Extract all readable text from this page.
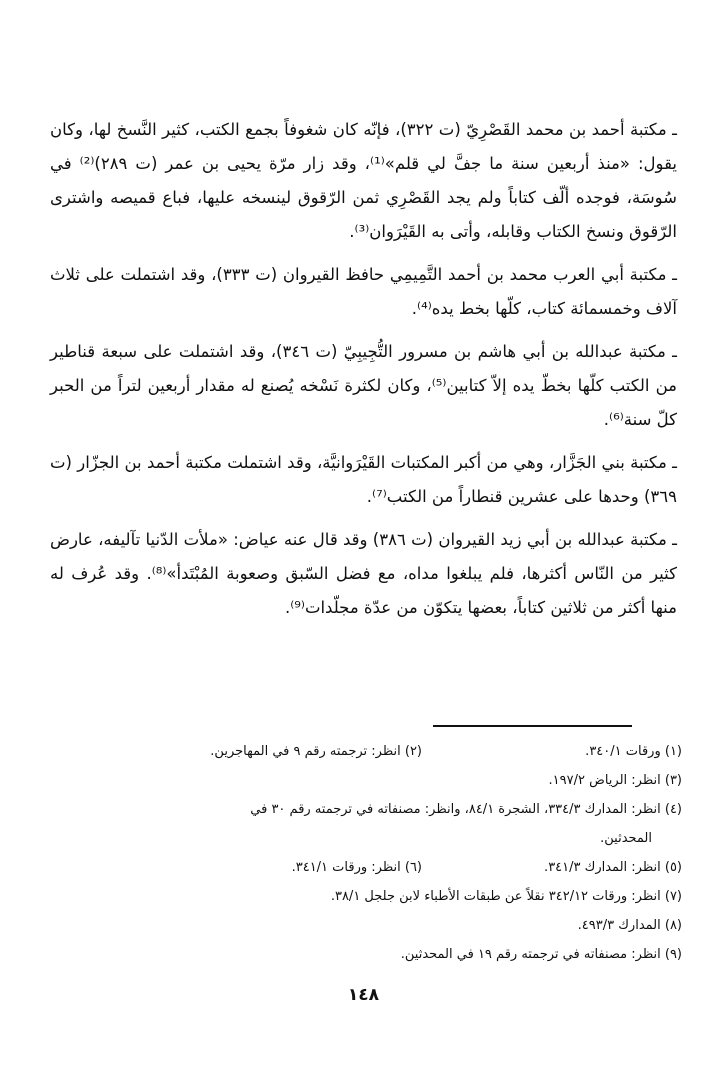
ـ مكتبة أحمد بن محمد القَصْرِيّ (ت ٣٢٢)، فإنّه كان شغوفاً بجمع الكتب، كثير النَّسخ لها، وكان يقول: «منذ أربعين سنة ما جفَّ لي قلم»⁽¹⁾، وقد زار مرّة يحيى بن عمر (ت ٢٨٩)⁽²⁾ في سُوسَة، فوجده ألّف كتاباً ولم يجد القَصْرِي ثمن الرّقوق لينسخه عليها، فباع قميصه واشترى الرّقوق ونسخ الكتاب وقابله، وأتى به القَيْرَوان⁽³⁾.

ـ مكتبة أبي العرب محمد بن أحمد التَّمِيمِي حافظ القيروان (ت ٣٣٣)، وقد اشتملت على ثلاث آلاف وخمسمائة كتاب، كلّها بخط يده⁽⁴⁾.

ـ مكتبة عبدالله بن أبي هاشم بن مسرور التُّجِيبِيّ (ت ٣٤٦)، وقد اشتملت على سبعة قناطير من الكتب كلّها بخطّ يده إلاّ كتابين⁽⁵⁾، وكان لكثرة نَسْخه يُصنع له مقدار أربعين لتراً من الحبر كلّ سنة⁽⁶⁾.

ـ مكتبة بني الجَزَّار، وهي من أكبر المكتبات القَيْرَوانيَّة، وقد اشتملت مكتبة أحمد بن الجزّار (ت ٣٦٩) وحدها على عشرين قنطاراً من الكتب⁽⁷⁾.

ـ مكتبة عبدالله بن أبي زيد القيروان (ت ٣٨٦) وقد قال عنه عياض: «ملأت الدّنيا تآليفه، عارض كثير من النّاس أكثرها، فلم يبلغوا مداه، مع فضل السّبق وصعوبة المُبْتَدأ»⁽⁸⁾. وقد عُرف له منها أكثر من ثلاثين كتاباً، بعضها يتكوّن من عدّة مجلّدات⁽⁹⁾.

(١) ورقات ٣٤٠/١.
(٢) انظر: ترجمته رقم ٩ في المهاجرين.
(٣) انظر: الرياض ١٩٧/٢.
(٤) انظر: المدارك ٣٣٤/٣، الشجرة ٨٤/١، وانظر: مصنفاته في ترجمته رقم ٣٠ في
المحدثين.
(٥) انظر: المدارك ٣٤١/٣.
(٦) انظر: ورقات ٣٤١/١.
(٧) انظر: ورقات ٣٤٢/١٢ نقلاً عن طبقات الأطباء لابن جلجل ٣٨/١.
(٨) المدارك ٤٩٣/٣.
(٩) انظر: مصنفاته في ترجمته رقم ١٩ في المحدثين.
١٤٨
